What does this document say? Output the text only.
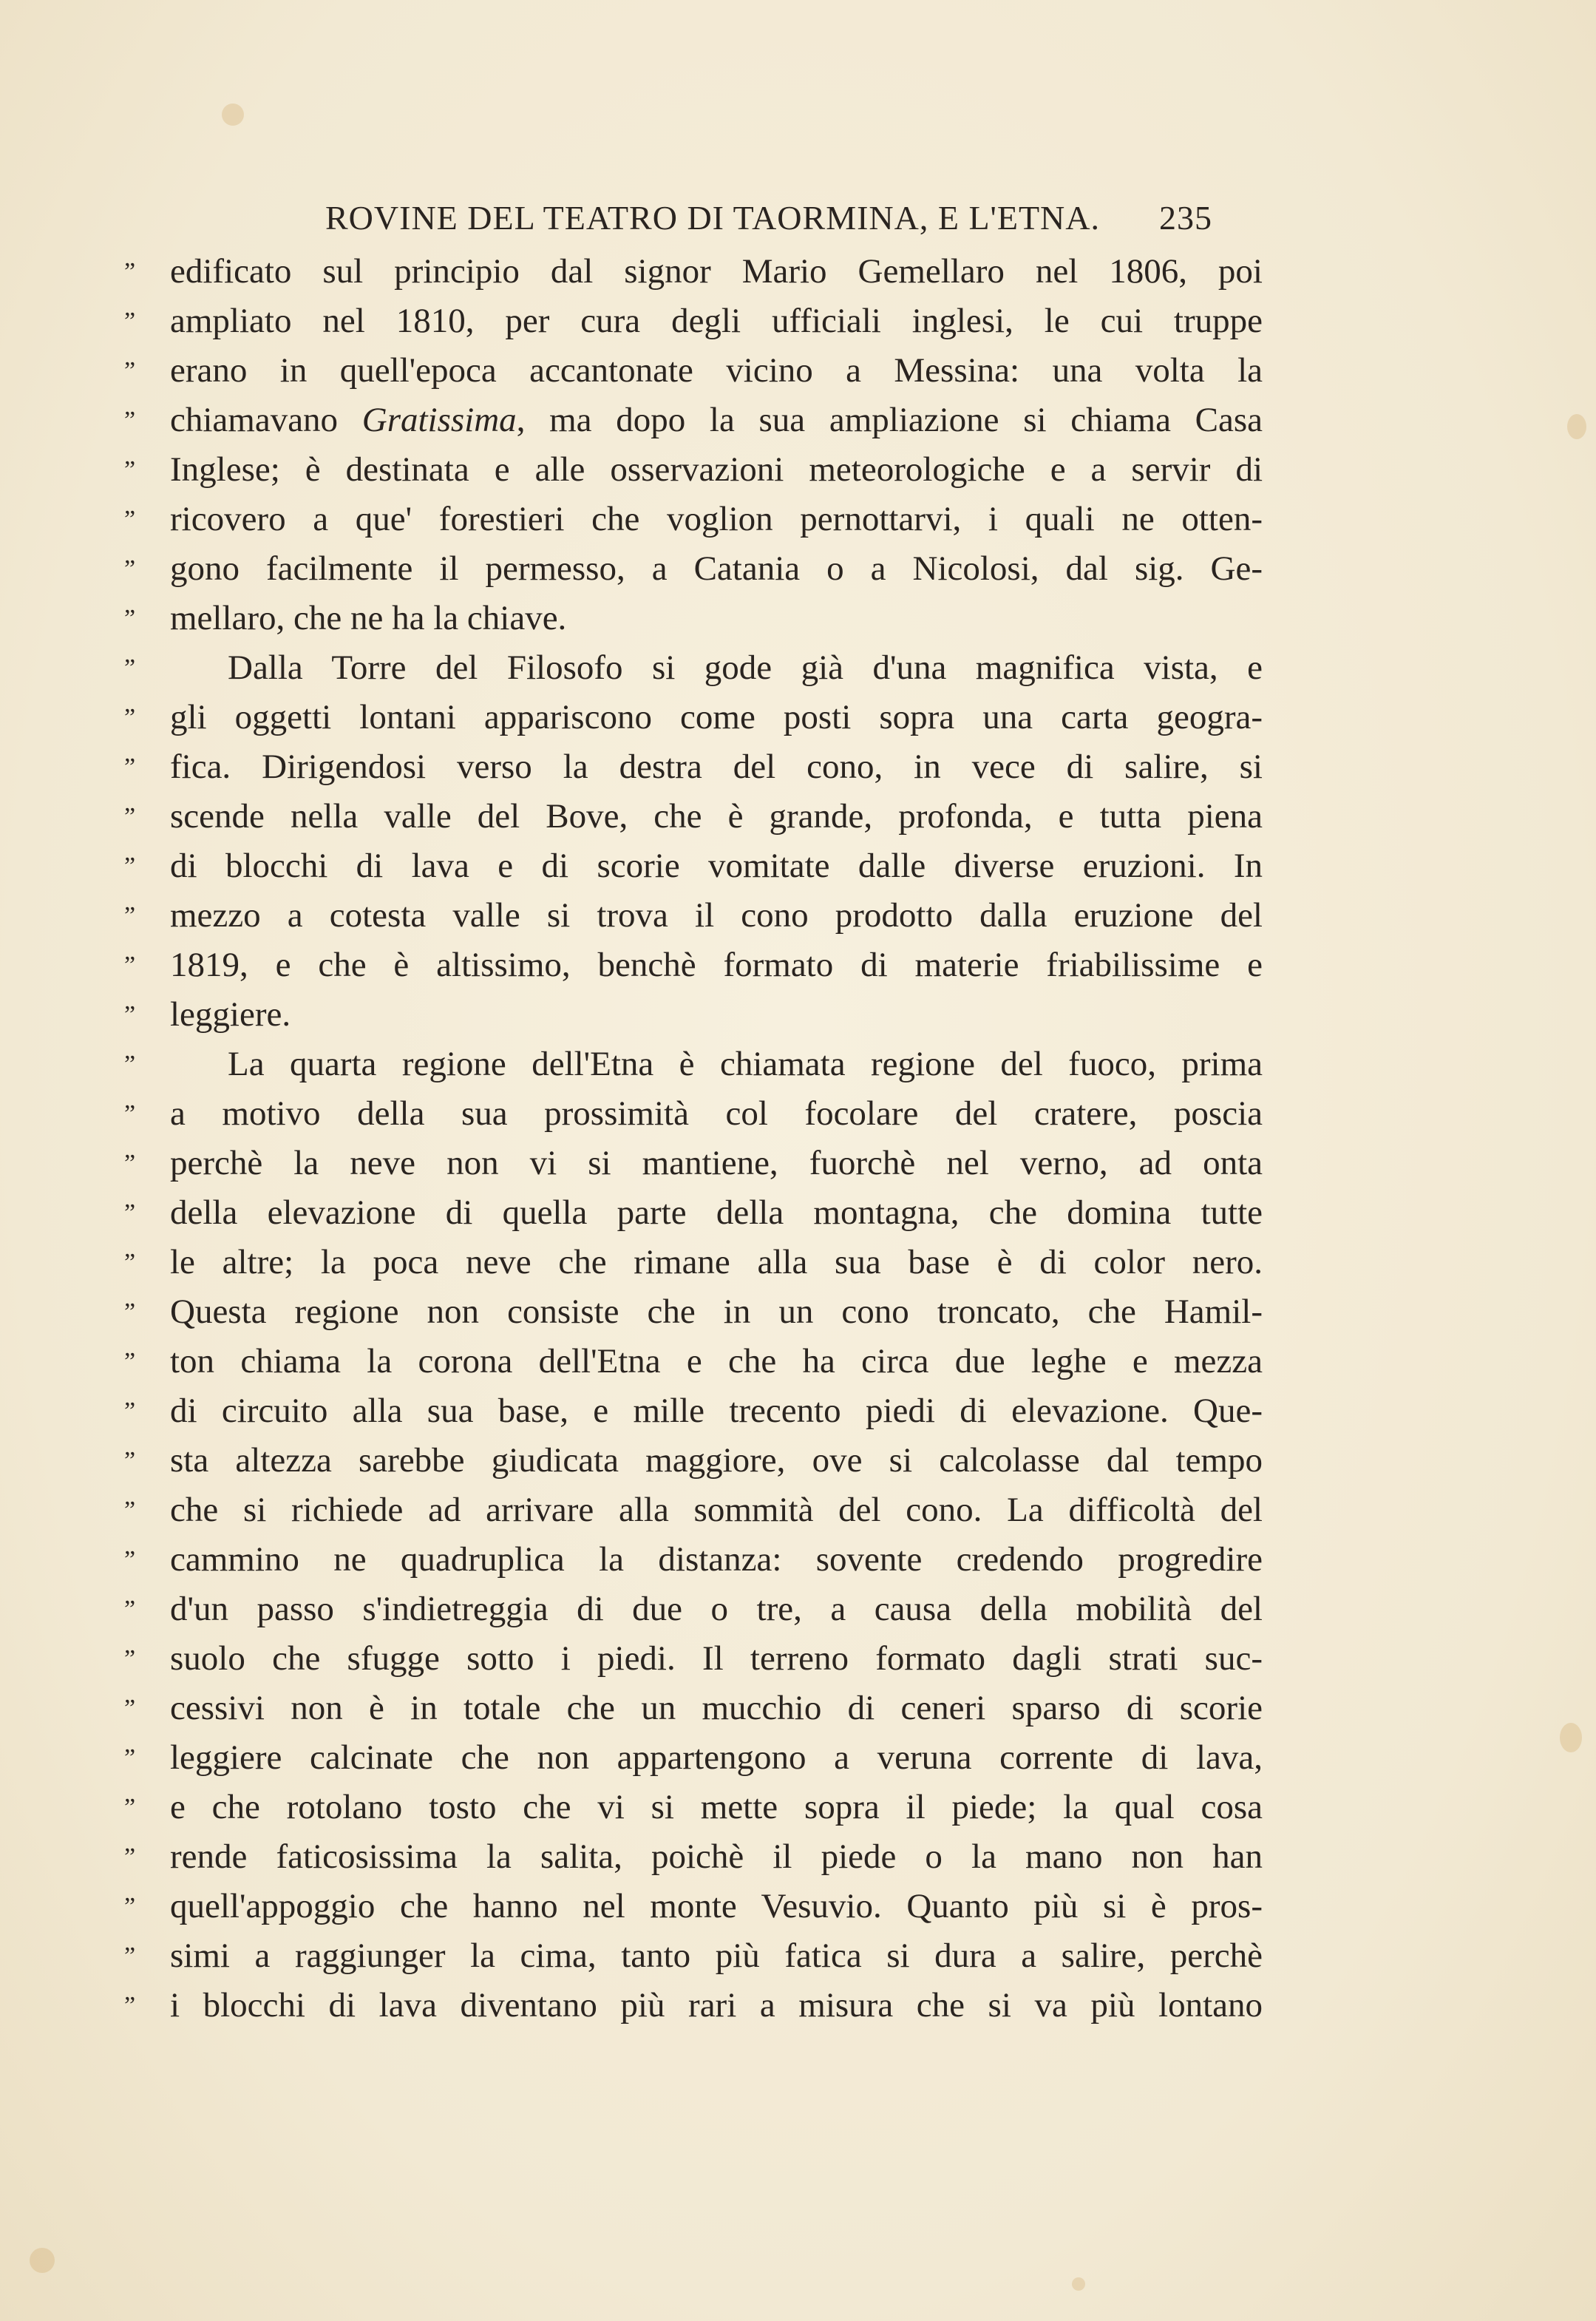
ROVINE DEL TEATRO DI TAORMINA, E L'ETNA. 235
” edificato sul principio dal signor Mario Gemellaro nel 1806, poi
” ampliato nel 1810, per cura degli ufficiali inglesi, le cui truppe
” erano in quell'epoca accantonate vicino a Messina: una volta la
” chiamavano Gratissima, ma dopo la sua ampliazione si chiama Casa
” Inglese; è destinata e alle osservazioni meteorologiche e a servir di
” ricovero a que' forestieri che voglion pernottarvi, i quali ne otten-
” gono facilmente il permesso, a Catania o a Nicolosi, dal sig. Ge-
” mellaro, che ne ha la chiave.
”	Dalla Torre del Filosofo si gode già d'una magnifica vista, e
” gli oggetti lontani appariscono come posti sopra una carta geogra-
” fica. Dirigendosi verso la destra del cono, in vece di salire, si
” scende nella valle del Bove, che è grande, profonda, e tutta piena
” di blocchi di lava e di scorie vomitate dalle diverse eruzioni. In
” mezzo a cotesta valle si trova il cono prodotto dalla eruzione del
” 1819, e che è altissimo, benchè formato di materie friabilissime e
” leggiere.
”	La quarta regione dell'Etna è chiamata regione del fuoco, prima
” a motivo della sua prossimità col focolare del cratere, poscia
” perchè la neve non vi si mantiene, fuorchè nel verno, ad onta
” della elevazione di quella parte della montagna, che domina tutte
” le altre; la poca neve che rimane alla sua base è di color nero.
” Questa regione non consiste che in un cono troncato, che Hamil-
” ton chiama la corona dell'Etna e che ha circa due leghe e mezza
” di circuito alla sua base, e mille trecento piedi di elevazione. Que-
” sta altezza sarebbe giudicata maggiore, ove si calcolasse dal tempo
” che si richiede ad arrivare alla sommità del cono. La difficoltà del
” cammino ne quadruplica la distanza: sovente credendo progredire
” d'un passo s'indietreggia di due o tre, a causa della mobilità del
” suolo che sfugge sotto i piedi. Il terreno formato dagli strati suc-
” cessivi non è in totale che un mucchio di ceneri sparso di scorie
” leggiere calcinate che non appartengono a veruna corrente di lava,
” e che rotolano tosto che vi si mette sopra il piede; la qual cosa
” rende faticosissima la salita, poichè il piede o la mano non han
” quell'appoggio che hanno nel monte Vesuvio. Quanto più si è pros-
” simi a raggiunger la cima, tanto più fatica si dura a salire, perchè
” i blocchi di lava diventano più rari a misura che si va più lontano
